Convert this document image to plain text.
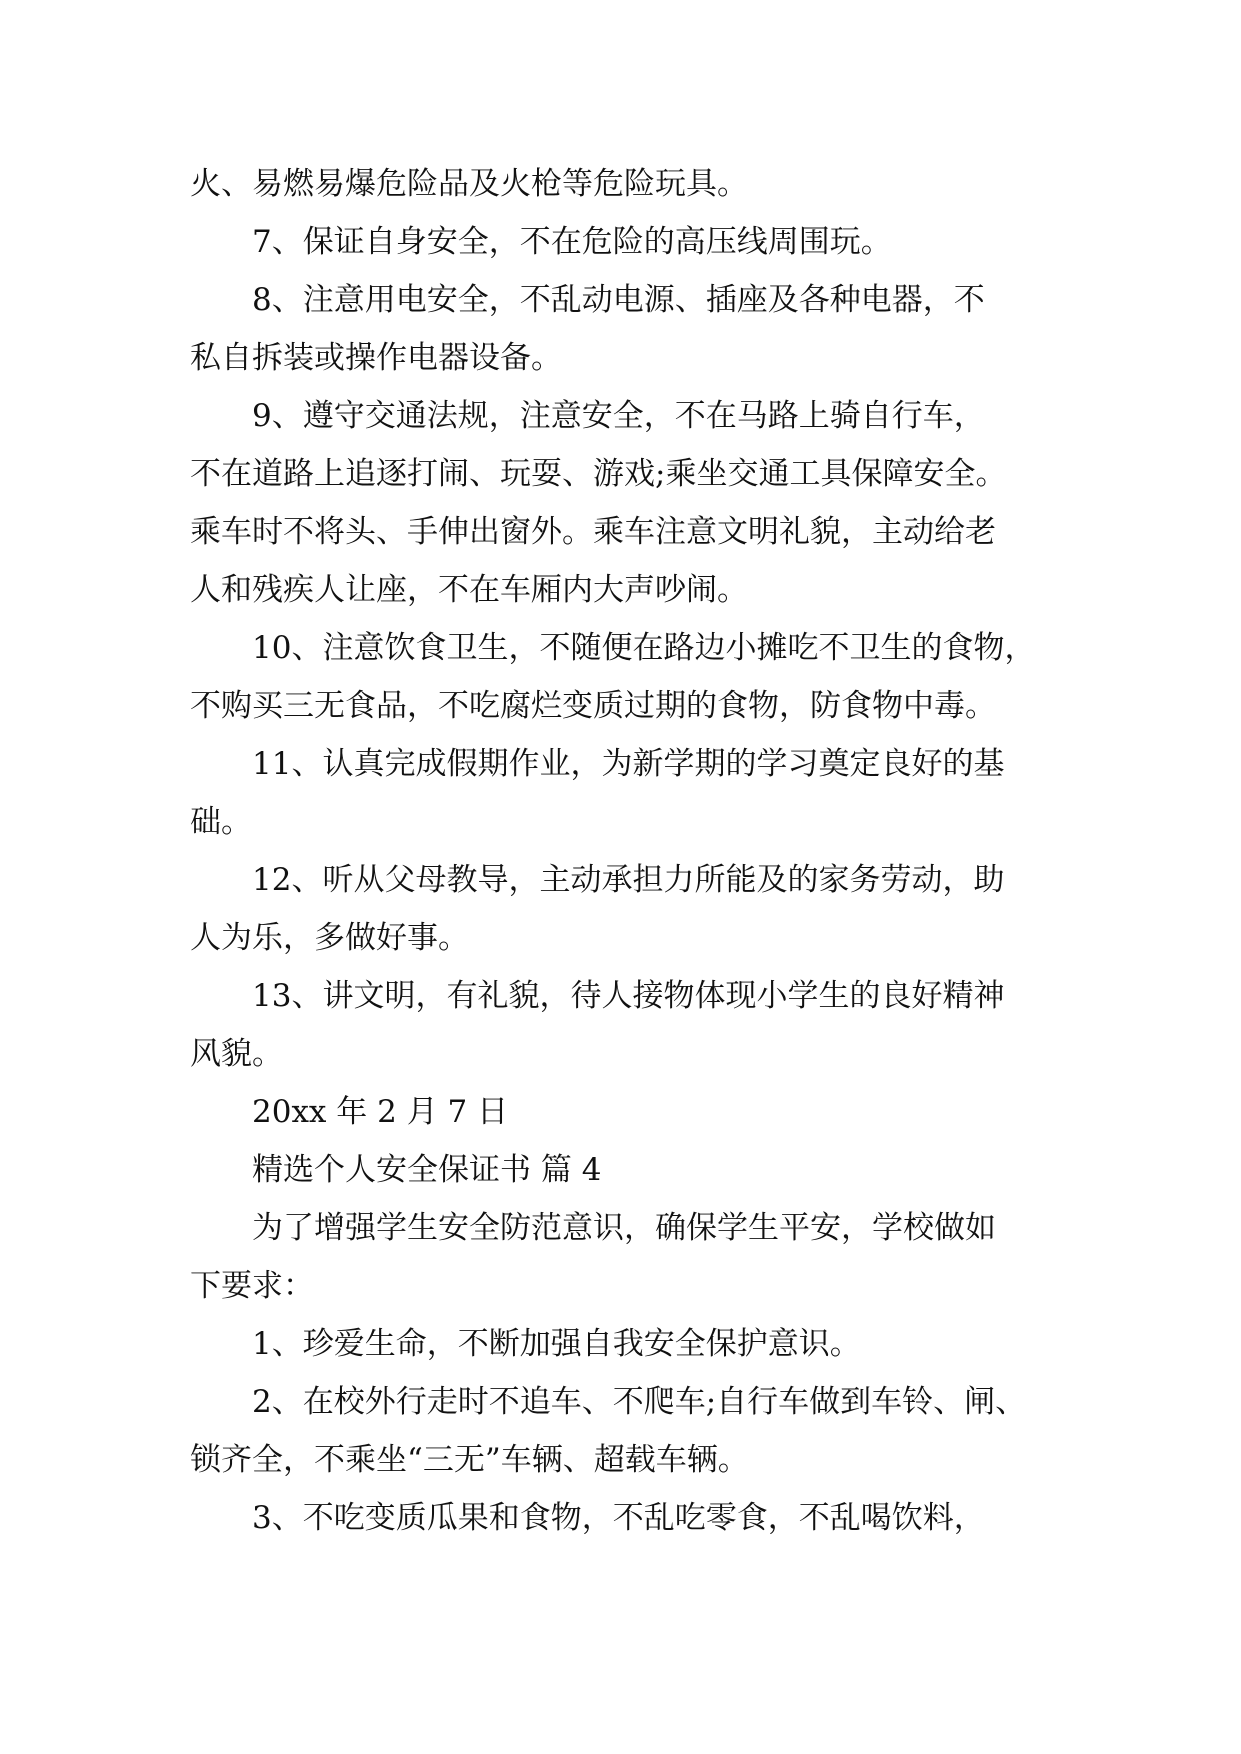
火、易燃易爆危险品及火枪等危险玩具。

7、保证自身安全，不在危险的高压线周围玩。

8、注意用电安全，不乱动电源、插座及各种电器，不

私自拆装或操作电器设备。

9、遵守交通法规，注意安全，不在马路上骑自行车，

不在道路上追逐打闹、玩耍、游戏;乘坐交通工具保障安全。

乘车时不将头、手伸出窗外。乘车注意文明礼貌，主动给老

人和残疾人让座，不在车厢内大声吵闹。

10、注意饮食卫生，不随便在路边小摊吃不卫生的食物，

不购买三无食品，不吃腐烂变质过期的食物，防食物中毒。

11、认真完成假期作业，为新学期的学习奠定良好的基

础。

12、听从父母教导，主动承担力所能及的家务劳动，助

人为乐，多做好事。

13、讲文明，有礼貌，待人接物体现小学生的良好精神

风貌。

20xx 年 2 月 7 日

精选个人安全保证书 篇 4

为了增强学生安全防范意识，确保学生平安，学校做如

下要求：

1、珍爱生命，不断加强自我安全保护意识。

2、在校外行走时不追车、不爬车;自行车做到车铃、闸、

锁齐全，不乘坐“三无”车辆、超载车辆。

3、不吃变质瓜果和食物，不乱吃零食，不乱喝饮料，
